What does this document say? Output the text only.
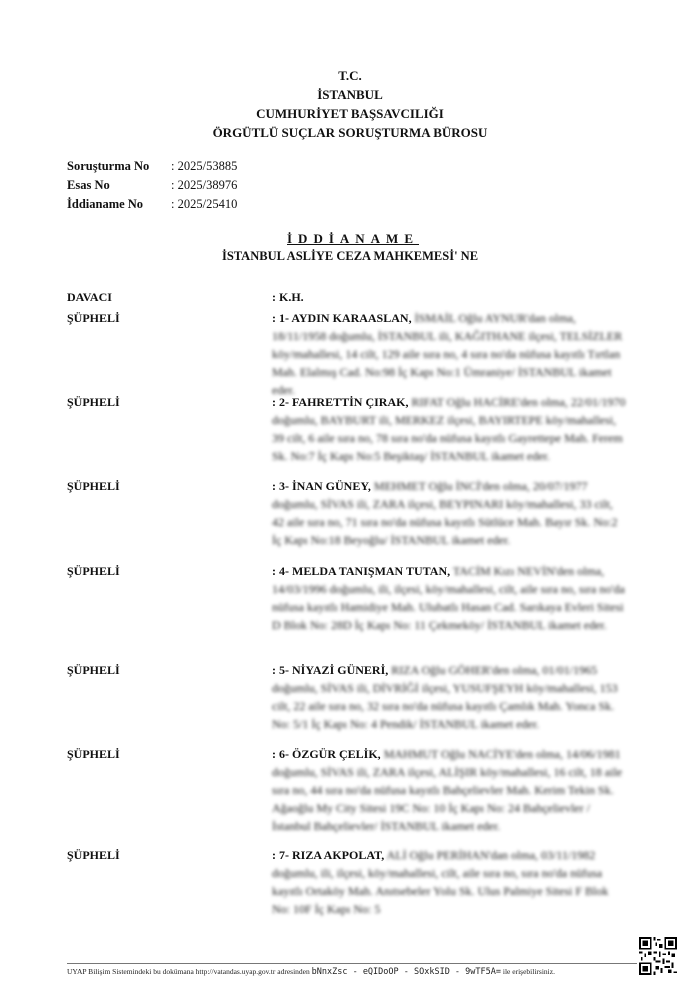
T.C.
İSTANBUL
CUMHURİYET BAŞSAVCILIĞI
ÖRGÜTLÜ SUÇLAR SORUŞTURMA BÜROSU
Soruşturma No	: 2025/53885
Esas No	: 2025/38976
İddianame No	: 2025/25410
İDDİANAME
İSTANBUL ASLİYE CEZA MAHKEMESİ' NE
DAVACI	: K.H.
ŞÜPHELİ	: 1- AYDIN KARAASLAN, İSMAİL Oğlu AYNUR'dan olma, 18/11/1958 doğumlu, İSTANBUL ili, KAĞITHANE ilçesi, TELSİZLER köy/mahallesi, 14 cilt, 129 aile sıra no, 4 sıra no'da nüfusa kayıtlı Tırtlan Mah. Elalmış Cad. No:98 İç Kapı No:1 Ümraniye/ İSTANBUL ikamet eder.
ŞÜPHELİ	: 2- FAHRETTİN ÇIRAK, RIFAT Oğlu HACİRE'den olma, 22/01/1970 doğumlu, BAYBURT ili, MERKEZ ilçesi, BAYIRTEPE köy/mahallesi, 39 cilt, 6 aile sıra no, 78 sıra no'da nüfusa kayıtlı Gayrettepe Mah. Ferem Sk. No:7 İç Kapı No:5 Beşiktaş/ İSTANBUL ikamet eder.
ŞÜPHELİ	: 3- İNAN GÜNEY, MEHMET Oğlu İNCİ'den olma, 20/07/1977 doğumlu, SİVAS ili, ZARA ilçesi, BEYPINARI köy/mahallesi, 33 cilt, 42 aile sıra no, 71 sıra no'da nüfusa kayıtlı Sütlüce Mah. Bayır Sk. No:2 İç Kapı No:18 Beyoğlu/ İSTANBUL ikamet eder.
ŞÜPHELİ	: 4- MELDA TANIŞMAN TUTAN, TACİM Kızı NEVİN'den olma, 14/03/1996 doğumlu, ili, ilçesi, köy/mahallesi, cilt, aile sıra no, sıra no'da nüfusa kayıtlı Hamidiye Mah. Ulubatlı Hasan Cad. Sarıkaya Evleri Sitesi D Blok No: 28D İç Kapı No: 11 Çekmeköy/ İSTANBUL ikamet eder.
ŞÜPHELİ	: 5- NİYAZİ GÜNERİ, RIZA Oğlu GÖHER'den olma, 01/01/1965 doğumlu, SİVAS ili, DİVRİĞİ ilçesi, YUSUFŞEYH köy/mahallesi, 153 cilt, 22 aile sıra no, 32 sıra no'da nüfusa kayıtlı Çamlık Mah. Yonca Sk. No: 5/1 İç Kapı No: 4 Pendik/ İSTANBUL ikamet eder.
ŞÜPHELİ	: 6- ÖZGÜR ÇELİK, MAHMUT Oğlu NACİYE'den olma, 14/06/1981 doğumlu, SİVAS ili, ZARA ilçesi, ALİŞIR köy/mahallesi, 16 cilt, 18 aile sıra no, 44 sıra no'da nüfusa kayıtlı Bahçelievler Mah. Kerim Tekin Sk. Ağaoğlu My City Sitesi 19C No: 10 İç Kapı No: 24 Bahçelievler / İstanbul Bahçelievler/ İSTANBUL ikamet eder.
ŞÜPHELİ	: 7- RIZA AKPOLAT, ALİ Oğlu PERİHAN'dan olma, 03/11/1982 doğumlu, ili, ilçesi, köy/mahallesi, cilt, aile sıra no, sıra no'da nüfusa kayıtlı Ortaköy Mah. Anıtsebeler Yolu Sk. Ulus Palmiye Sitesi F Blok No: 10F İç Kapı No: 5
UYAP Bilişim Sistemindeki bu dokümana http://vatandas.uyap.gov.tr adresinden bNnxZsc - eQIDoOP - SOxkSID - 9wTF5A= ile erişebilirsiniz.
